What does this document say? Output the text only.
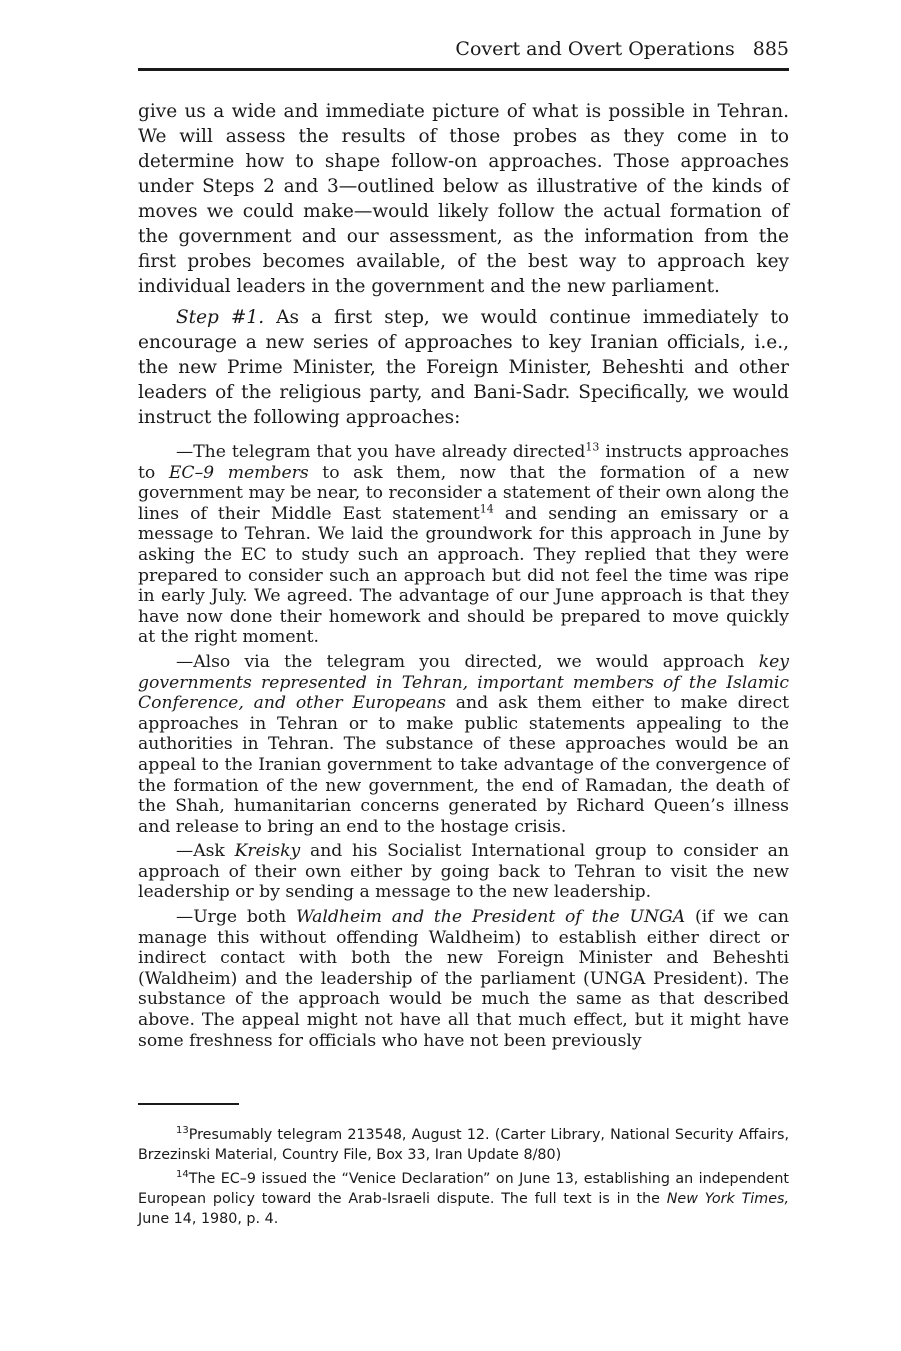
Covert and Overt Operations 885

give us a wide and immediate picture of what is possible in Tehran. We will assess the results of those probes as they come in to determine how to shape follow-on approaches. Those approaches under Steps 2 and 3—outlined below as illustrative of the kinds of moves we could make—would likely follow the actual formation of the government and our assessment, as the information from the first probes becomes available, of the best way to approach key individual leaders in the government and the new parliament.

Step #1. As a first step, we would continue immediately to encourage a new series of approaches to key Iranian officials, i.e., the new Prime Minister, the Foreign Minister, Beheshti and other leaders of the religious party, and Bani-Sadr. Specifically, we would instruct the following approaches:

—The telegram that you have already directed$^{13}$ instructs approaches to EC–9 members to ask them, now that the formation of a new government may be near, to reconsider a statement of their own along the lines of their Middle East statement$^{14}$ and sending an emissary or a message to Tehran. We laid the groundwork for this approach in June by asking the EC to study such an approach. They replied that they were prepared to consider such an approach but did not feel the time was ripe in early July. We agreed. The advantage of our June approach is that they have now done their homework and should be prepared to move quickly at the right moment.

—Also via the telegram you directed, we would approach key governments represented in Tehran, important members of the Islamic Conference, and other Europeans and ask them either to make direct approaches in Tehran or to make public statements appealing to the authorities in Tehran. The substance of these approaches would be an appeal to the Iranian government to take advantage of the convergence of the formation of the new government, the end of Ramadan, the death of the Shah, humanitarian concerns generated by Richard Queen’s illness and release to bring an end to the hostage crisis.

—Ask Kreisky and his Socialist International group to consider an approach of their own either by going back to Tehran to visit the new leadership or by sending a message to the new leadership.

—Urge both Waldheim and the President of the UNGA (if we can manage this without offending Waldheim) to establish either direct or indirect contact with both the new Foreign Minister and Beheshti (Waldheim) and the leadership of the parliament (UNGA President). The substance of the approach would be much the same as that described above. The appeal might not have all that much effect, but it might have some freshness for officials who have not been previously

$^{13}$Presumably telegram 213548, August 12. (Carter Library, National Security Affairs, Brzezinski Material, Country File, Box 33, Iran Update 8/80)

$^{14}$The EC–9 issued the “Venice Declaration” on June 13, establishing an independent European policy toward the Arab-Israeli dispute. The full text is in the New York Times, June 14, 1980, p. 4.
